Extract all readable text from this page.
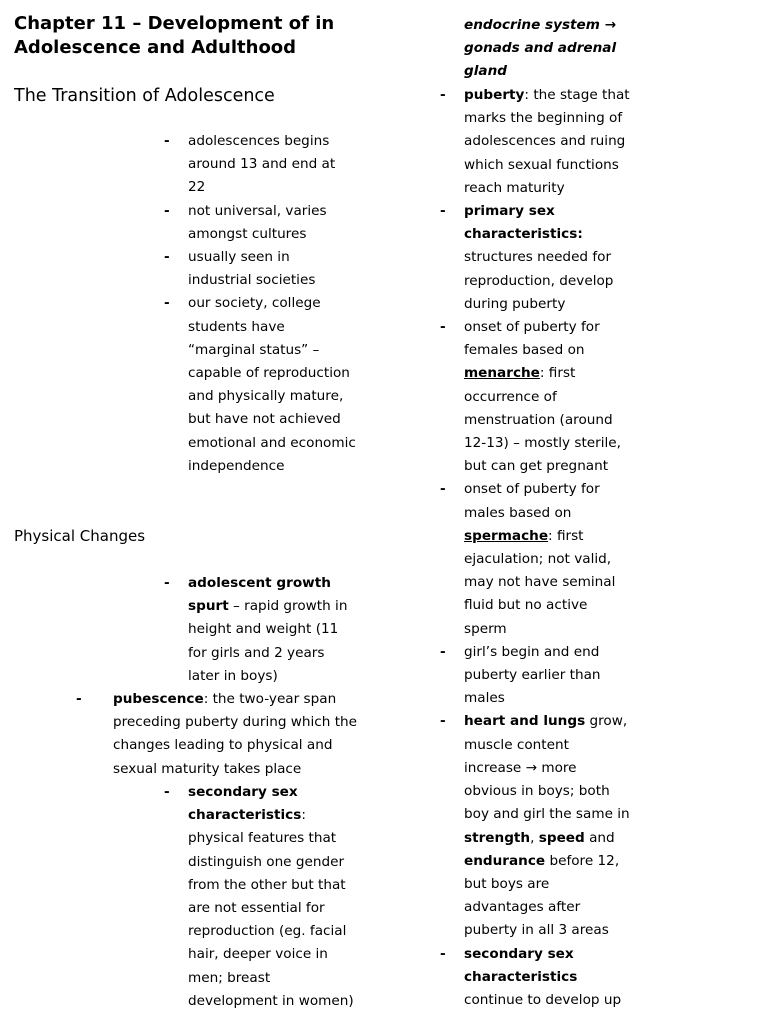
Chapter 11 – Development of in Adolescence and Adulthood
The Transition of Adolescence
- adolescences begins around 13 and end at 22
- not universal, varies amongst cultures
- usually seen in industrial societies
- our society, college students have “marginal status” – capable of reproduction and physically mature, but have not achieved emotional and economic independence
Physical Changes
- adolescent growth spurt – rapid growth in height and weight (11 for girls and 2 years later in boys)
- pubescence: the two-year span preceding puberty during which the changes leading to physical and sexual maturity takes place
- secondary sex characteristics: physical features that distinguish one gender from the other but that are not essential for reproduction (eg. facial hair, deeper voice in men; breast development in women)
endocrine system → gonads and adrenal gland
- puberty: the stage that marks the beginning of adolescences and ruing which sexual functions reach maturity
- primary sex characteristics: structures needed for reproduction, develop during puberty
- onset of puberty for females based on menarche: first occurrence of menstruation (around 12-13) – mostly sterile, but can get pregnant
- onset of puberty for males based on spermache: first ejaculation; not valid, may not have seminal fluid but no active sperm
- girl’s begin and end puberty earlier than males
- heart and lungs grow, muscle content increase → more obvious in boys; both boy and girl the same in strength, speed and endurance before 12, but boys are advantages after puberty in all 3 areas
- secondary sex characteristics continue to develop up
